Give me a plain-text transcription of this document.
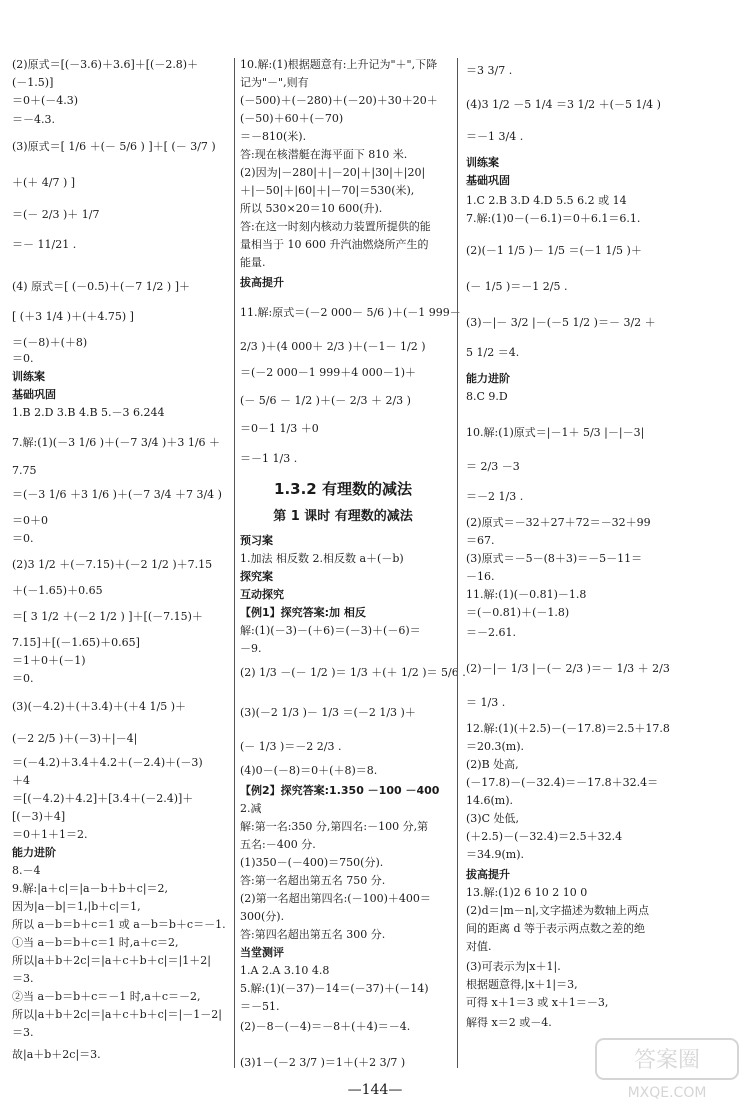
(2)原式＝[(－3.6)＋3.6]＋[(－2.8)＋
(－1.5)]
＝0＋(－4.3)
＝－4.3.
(3)原式＝[ 1/6 ＋(－ 5/6 ) ]＋[ (－ 3/7 )
＋(＋ 4/7 ) ]
＝(－ 2/3 )＋ 1/7
＝－ 11/21 .
(4) 原式＝[ (－0.5)＋(－7 1/2 ) ]＋
[ (＋3 1/4 )＋(＋4.75) ]
＝(－8)＋(＋8)
＝0.
训练案
基础巩固
1.B 2.D 3.B 4.B 5.－3 6.244
7.解:(1)(－3 1/6 )＋(－7 3/4 )＋3 1/6 ＋
7.75
＝(－3 1/6 ＋3 1/6 )＋(－7 3/4 ＋7 3/4 )
＝0＋0
＝0.
(2)3 1/2 ＋(－7.15)＋(－2 1/2 )＋7.15
＋(－1.65)＋0.65
＝[ 3 1/2 ＋(－2 1/2 ) ]＋[(－7.15)＋
7.15]＋[(－1.65)＋0.65]
＝1＋0＋(－1)
＝0.
(3)(－4.2)＋(＋3.4)＋(＋4 1/5 )＋
(－2 2/5 )＋(－3)＋|－4|
＝(－4.2)＋3.4＋4.2＋(－2.4)＋(－3)
＋4
＝[(－4.2)＋4.2]＋[3.4＋(－2.4)]＋
[(－3)＋4]
＝0＋1＋1＝2.
能力进阶
8.－4
9.解:|a＋c|＝|a－b＋b＋c|＝2,
因为|a－b|＝1,|b＋c|＝1,
所以 a－b＝b＋c＝1 或 a－b＝b＋c＝－1.
①当 a－b＝b＋c＝1 时,a＋c＝2,
所以|a＋b＋2c|＝|a＋c＋b＋c|＝|1＋2|
＝3.
②当 a－b＝b＋c＝－1 时,a＋c＝－2,
所以|a＋b＋2c|＝|a＋c＋b＋c|＝|－1－2|
＝3.
故|a＋b＋2c|＝3.
10.解:(1)根据题意有:上升记为"＋",下降
记为"－",则有
(－500)＋(－280)＋(－20)＋30＋20＋
(－50)＋60＋(－70)
＝－810(米).
答:现在核潜艇在海平面下 810 米.
(2)因为|－280|＋|－20|＋|30|＋|20|
＋|－50|＋|60|＋|－70|＝530(米),
所以 530×20＝10 600(升).
答:在这一时刻内核动力装置所提供的能
量相当于 10 600 升汽油燃烧所产生的
能量.
拔高提升
11.解:原式＝(－2 000－ 5/6 )＋(－1 999－
2/3 )＋(4 000＋ 2/3 )＋(－1－ 1/2 )
＝(－2 000－1 999＋4 000－1)＋
(－ 5/6 － 1/2 )＋(－ 2/3 ＋ 2/3 )
＝0－1 1/3 ＋0
＝－1 1/3 .
1.3.2 有理数的减法
第 1 课时 有理数的减法
预习案
1.加法 相反数 2.相反数 a＋(－b)
探究案
互动探究
【例1】探究答案:加 相反
解:(1)(－3)－(＋6)＝(－3)＋(－6)＝
－9.
(2) 1/3 －(－ 1/2 )＝ 1/3 ＋(＋ 1/2 )＝ 5/6 .
(3)(－2 1/3 )－ 1/3 ＝(－2 1/3 )＋
(－ 1/3 )＝－2 2/3 .
(4)0－(－8)＝0＋(＋8)＝8.
【例2】探究答案:1.350 －100 －400
2.减
解:第一名:350 分,第四名:－100 分,第
五名:－400 分.
(1)350－(－400)＝750(分).
答:第一名超出第五名 750 分.
(2)第一名超出第四名:(－100)＋400＝
300(分).
答:第四名超出第五名 300 分.
当堂测评
1.A 2.A 3.10 4.8
5.解:(1)(－37)－14＝(－37)＋(－14)
＝－51.
(2)－8－(－4)＝－8＋(＋4)＝－4.
(3)1－(－2 3/7 )＝1＋(＋2 3/7 )
＝3 3/7 .
(4)3 1/2 －5 1/4 ＝3 1/2 ＋(－5 1/4 )
＝－1 3/4 .
训练案
基础巩固
1.C 2.B 3.D 4.D 5.5 6.2 或 14
7.解:(1)0－(－6.1)＝0＋6.1＝6.1.
(2)(－1 1/5 )－ 1/5 ＝(－1 1/5 )＋
(－ 1/5 )＝－1 2/5 .
(3)－|－ 3/2 |－(－5 1/2 )＝－ 3/2 ＋
5 1/2 ＝4.
能力进阶
8.C 9.D
10.解:(1)原式＝|－1＋ 5/3 |－|－3|
＝ 2/3 －3
＝－2 1/3 .
(2)原式＝－32＋27＋72＝－32＋99
＝67.
(3)原式＝－5－(8＋3)＝－5－11＝
－16.
11.解:(1)(－0.81)－1.8
＝(－0.81)＋(－1.8)
＝－2.61.
(2)－|－ 1/3 |－(－ 2/3 )＝－ 1/3 ＋ 2/3
＝ 1/3 .
12.解:(1)(＋2.5)－(－17.8)＝2.5＋17.8
＝20.3(m).
(2)B 处高,
(－17.8)－(－32.4)＝－17.8＋32.4＝
14.6(m).
(3)C 处低,
(＋2.5)－(－32.4)＝2.5＋32.4
＝34.9(m).
拔高提升
13.解:(1)2 6 10 2 10 0
(2)d＝|m－n|,文字描述为数轴上两点
间的距离 d 等于表示两点数之差的绝
对值.
(3)可表示为|x＋1|.
根据题意得,|x＋1|＝3,
可得 x＋1＝3 或 x＋1＝－3,
解得 x＝2 或－4.
—144—
答案圈
MXQE.COM
